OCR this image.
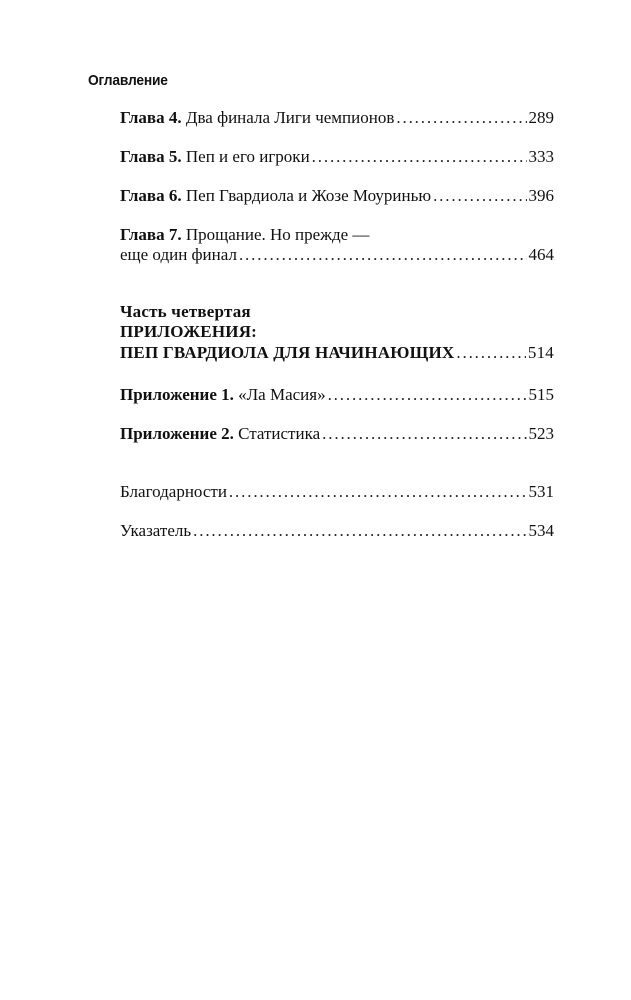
Оглавление
Глава 4. Два финала Лиги чемпионов . . .	289
Глава 5. Пеп и его игроки . . .	333
Глава 6. Пеп Гвардиола и Жозе Моуринью . . .	396
Глава 7. Прощание. Но прежде —
еще один финал . . .	464
Часть четвертая
ПРИЛОЖЕНИЯ:
ПЕП ГВАРДИОЛА ДЛЯ НАЧИНАЮЩИХ . . .	514
Приложение 1. «Ла Масия» . . .	515
Приложение 2. Статистика . . .	523
Благодарности . . .	531
Указатель . . .	534
